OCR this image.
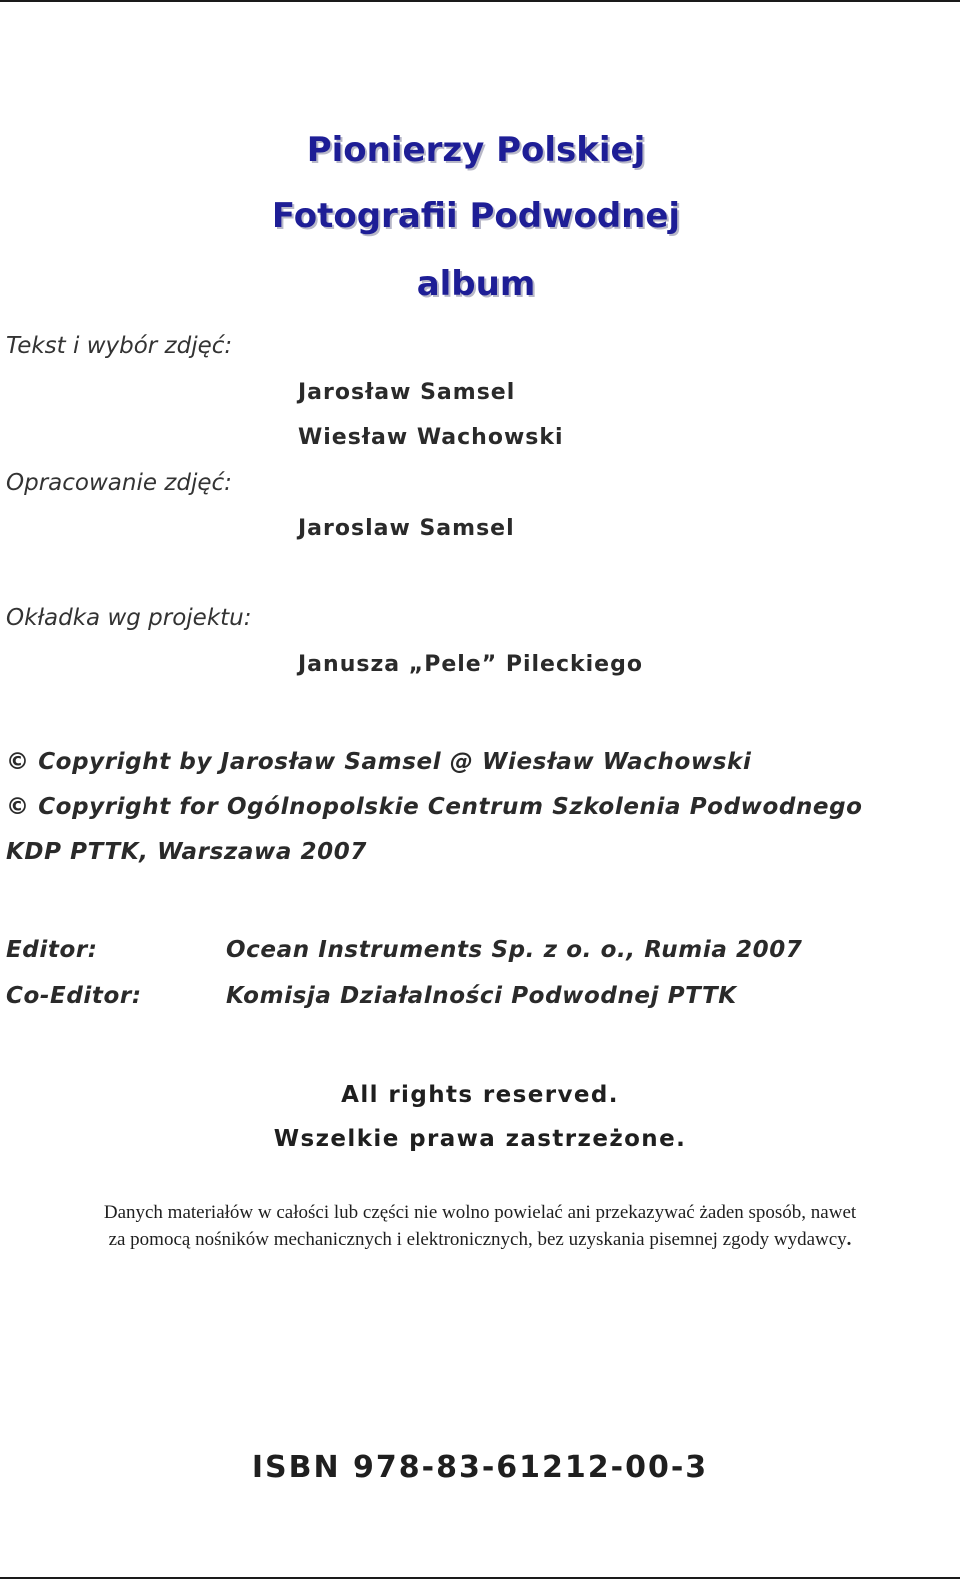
Pionierzy Polskiej
Fotografii Podwodnej
album
Tekst i wybór zdjęć:
Jarosław Samsel
Wiesław Wachowski
Opracowanie zdjęć:
Jaroslaw Samsel
Okładka wg projektu:
Janusza „Pele” Pileckiego
© Copyright by Jarosław Samsel @ Wiesław Wachowski
© Copyright for Ogólnopolskie Centrum Szkolenia Podwodnego
KDP PTTK, Warszawa 2007
Editor:	Ocean Instruments Sp. z o. o., Rumia 2007
Co-Editor:	Komisja Działalności Podwodnej PTTK
All rights reserved.
Wszelkie prawa zastrzeżone.
Danych materiałów w całości lub części nie wolno powielać ani przekazywać żaden sposób, nawet
za pomocą nośników mechanicznych i elektronicznych, bez uzyskania pisemnej zgody wydawcy.
ISBN 978-83-61212-00-3
